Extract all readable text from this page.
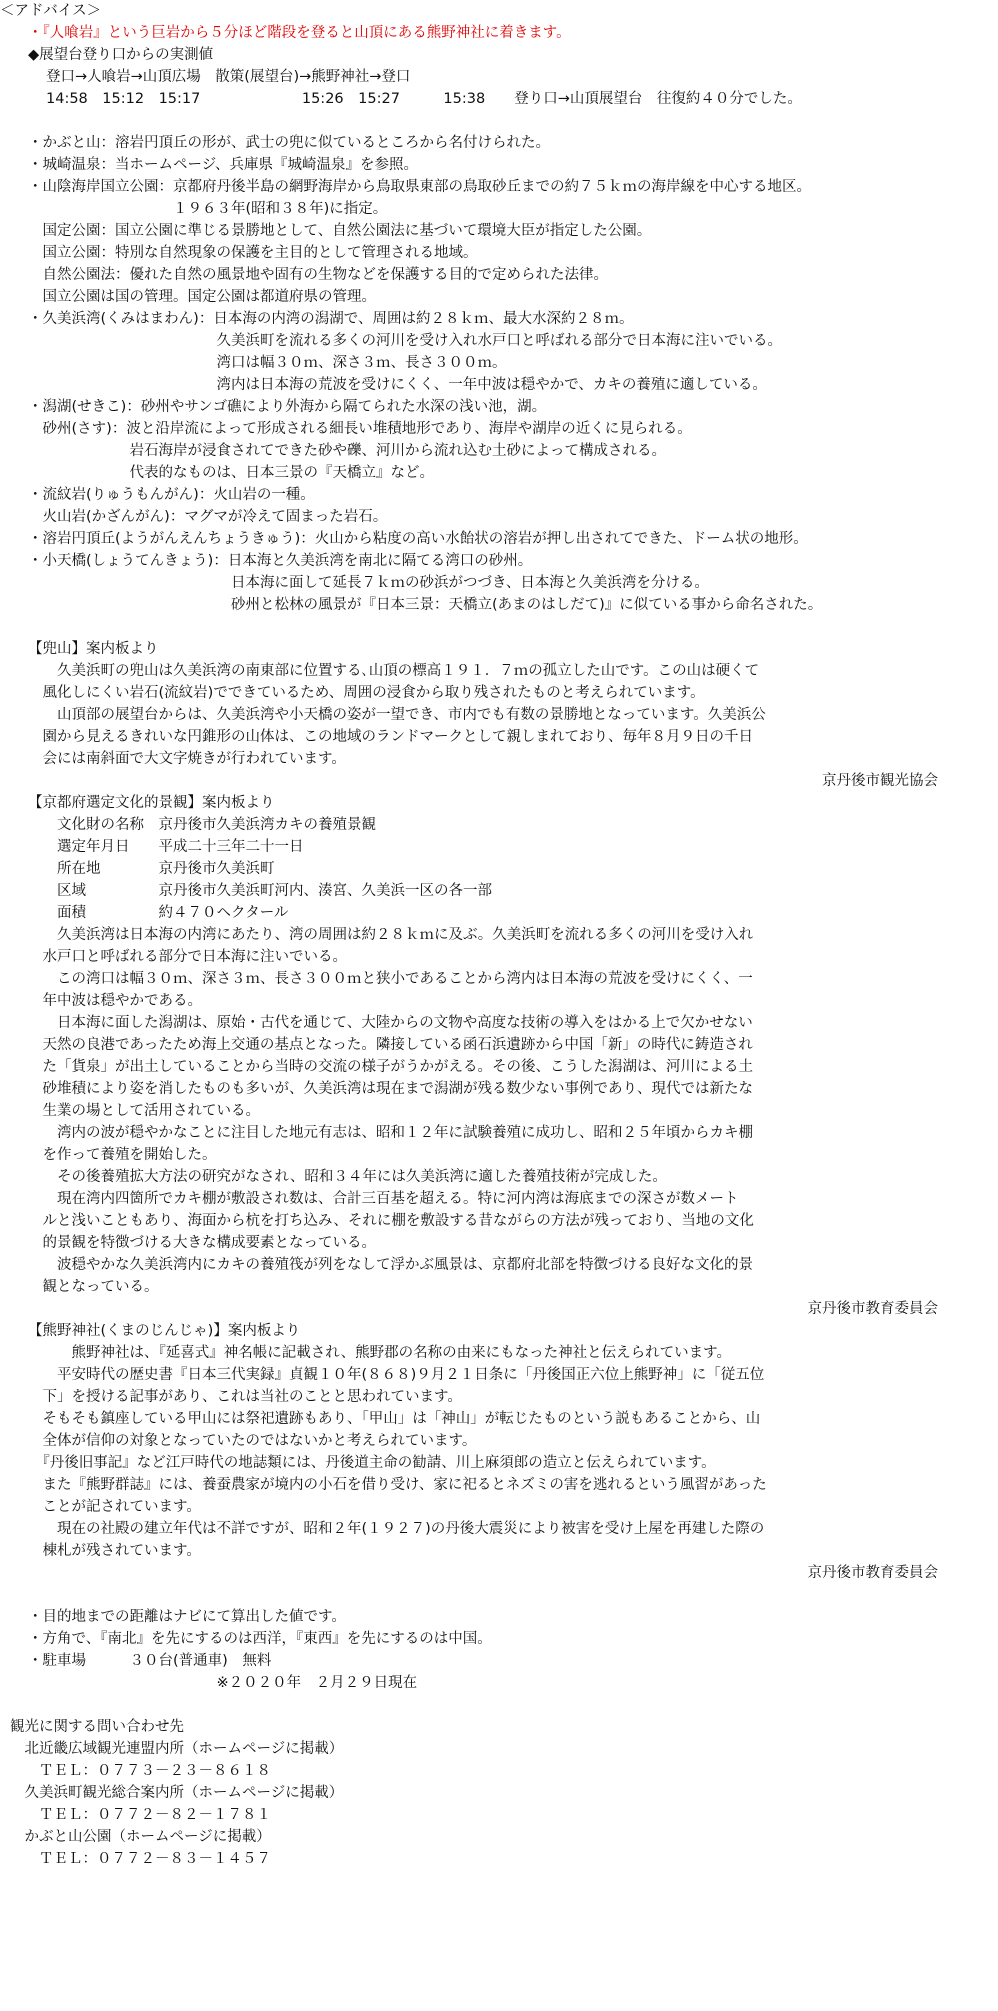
＜アドバイス＞
・『人喰岩』という巨岩から５分ほど階段を登ると山頂にある熊野神社に着きます。
◆展望台登り口からの実測値
登口→人喰岩→山頂広場　散策(展望台)→熊野神社→登口
14:58　15:12　15:17　　　　　　　15:26　15:27　　　15:38　　登り口→山頂展望台　往復約４０分でした。
・かぶと山：溶岩円頂丘の形が、武士の兜に似ているところから名付けられた。
・城崎温泉：当ホームページ、兵庫県『城崎温泉』を参照。
・山陰海岸国立公園：京都府丹後半島の網野海岸から鳥取県東部の鳥取砂丘までの約７５ｋｍの海岸線を中心する地区。
　　　　　　　　　　１９６３年(昭和３８年)に指定。
　国定公園：国立公園に準じる景勝地として、自然公園法に基づいて環境大臣が指定した公園。
　国立公園：特別な自然現象の保護を主目的として管理される地域。
　自然公園法：優れた自然の風景地や固有の生物などを保護する目的で定められた法律。
　国立公園は国の管理。国定公園は都道府県の管理。
・久美浜湾(くみはまわん)：日本海の内湾の潟湖で、周囲は約２８ｋｍ、最大水深約２８ｍ。
　　　　　　　　　　　　　久美浜町を流れる多くの河川を受け入れ水戸口と呼ばれる部分で日本海に注いでいる。
　　　　　　　　　　　　　湾口は幅３０ｍ、深さ３ｍ、長さ３００ｍ。
　　　　　　　　　　　　　湾内は日本海の荒波を受けにくく、一年中波は穏やかで、カキの養殖に適している。
・潟湖(せきこ)：砂州やサンゴ礁により外海から隔てられた水深の浅い池，湖。
　砂州(さす)：波と沿岸流によって形成される細長い堆積地形であり、海岸や湖岸の近くに見られる。
　　　　　　　岩石海岸が浸食されてできた砂や礫、河川から流れ込む土砂によって構成される。
　　　　　　　代表的なものは、日本三景の『天橋立』など。
・流紋岩(りゅうもんがん)：火山岩の一種。
　火山岩(かざんがん)：マグマが冷えて固まった岩石。
・溶岩円頂丘(ようがんえんちょうきゅう)：火山から粘度の高い水飴状の溶岩が押し出されてできた、ドーム状の地形。
・小天橋(しょうてんきょう)：日本海と久美浜湾を南北に隔てる湾口の砂州。
　　　　　　　　　　　　　　日本海に面して延長７ｋｍの砂浜がつづき、日本海と久美浜湾を分ける。
　　　　　　　　　　　　　　砂州と松林の風景が『日本三景：天橋立(あまのはしだて)』に似ている事から命名された。
【兜山】案内板より
　　久美浜町の兜山は久美浜湾の南東部に位置する､山頂の標高１９１．７ｍの孤立した山です。この山は硬くて
　風化しにくい岩石(流紋岩)でできているため、周囲の浸食から取り残されたものと考えられています。
　　山頂部の展望台からは、久美浜湾や小天橋の姿が一望でき、市内でも有数の景勝地となっています。久美浜公
　園から見えるきれいな円錐形の山体は、この地域のランドマークとして親しまれており、毎年８月９日の千日
　会には南斜面で大文字焼きが行われています。
京丹後市観光協会
【京都府選定文化的景観】案内板より
　　文化財の名称　京丹後市久美浜湾カキの養殖景観
　　選定年月日　　平成二十三年二十一日
　　所在地　　　　京丹後市久美浜町
　　区域　　　　　京丹後市久美浜町河内、湊宮、久美浜一区の各一部
　　面積　　　　　約４７０ヘクタール
　　久美浜湾は日本海の内湾にあたり、湾の周囲は約２８ｋｍに及ぶ。久美浜町を流れる多くの河川を受け入れ
　水戸口と呼ばれる部分で日本海に注いでいる。
　　この湾口は幅３０ｍ、深さ３ｍ、長さ３００ｍと狭小であることから湾内は日本海の荒波を受けにくく、一
　年中波は穏やかである。
　　日本海に面した潟湖は、原始・古代を通じて、大陸からの文物や高度な技術の導入をはかる上で欠かせない
　天然の良港であったため海上交通の基点となった。隣接している函石浜遺跡から中国「新」の時代に鋳造され
　た「貨泉」が出土していることから当時の交流の様子がうかがえる。その後、こうした潟湖は、河川による土
　砂堆積により姿を消したものも多いが、久美浜湾は現在まで潟湖が残る数少ない事例であり、現代では新たな
　生業の場として活用されている。
　　湾内の波が穏やかなことに注目した地元有志は、昭和１２年に試験養殖に成功し、昭和２５年頃からカキ棚
　を作って養殖を開始した。
　　その後養殖拡大方法の研究がなされ、昭和３４年には久美浜湾に適した養殖技術が完成した。
　　現在湾内四箇所でカキ棚が敷設され数は、合計三百基を超える。特に河内湾は海底までの深さが数メート
　ルと浅いこともあり、海面から杭を打ち込み、それに棚を敷設する昔ながらの方法が残っており、当地の文化
　的景観を特徴づける大きな構成要素となっている。
　　波穏やかな久美浜湾内にカキの養殖筏が列をなして浮かぶ風景は、京都府北部を特徴づける良好な文化的景
　観となっている。
京丹後市教育委員会
【熊野神社(くまのじんじゃ)】案内板より
　　　熊野神社は、『延喜式』神名帳に記載され、熊野郡の名称の由来にもなった神社と伝えられています。
　　平安時代の歴史書『日本三代実録』貞観１０年(８６８)９月２１日条に「丹後国正六位上熊野神」に「従五位
　下」を授ける記事があり、これは当社のことと思われています。
　そもそも鎮座している甲山には祭祀遺跡もあり、「甲山」は「神山」が転じたものという説もあることから、山
　全体が信仰の対象となっていたのではないかと考えられています。
　『丹後旧事記』など江戸時代の地誌類には、丹後道主命の勧請、川上麻須郎の造立と伝えられています。
　また『熊野群誌』には、養蚕農家が境内の小石を借り受け、家に祀るとネズミの害を逃れるという風習があった
　ことが記されています。
　　現在の社殿の建立年代は不詳ですが、昭和２年(１９２７)の丹後大震災により被害を受け上屋を再建した際の
　棟札が残されています。
京丹後市教育委員会
・目的地までの距離はナビにて算出した値です。
・方角で、『南北』を先にするのは西洋，『東西』を先にするのは中国。
・駐車場　　　３０台(普通車)　無料
　　　　　　　　　　　　　※２０２０年　２月２９日現在
観光に関する問い合わせ先
　北近畿広域観光連盟内所（ホームページに掲載）
　　ＴＥＬ：０７７３－２３－８６１８
　久美浜町観光総合案内所（ホームページに掲載）
　　ＴＥＬ：０７７２－８２－１７８１
　かぶと山公園（ホームページに掲載）
　　ＴＥＬ：０７７２－８３－１４５７
